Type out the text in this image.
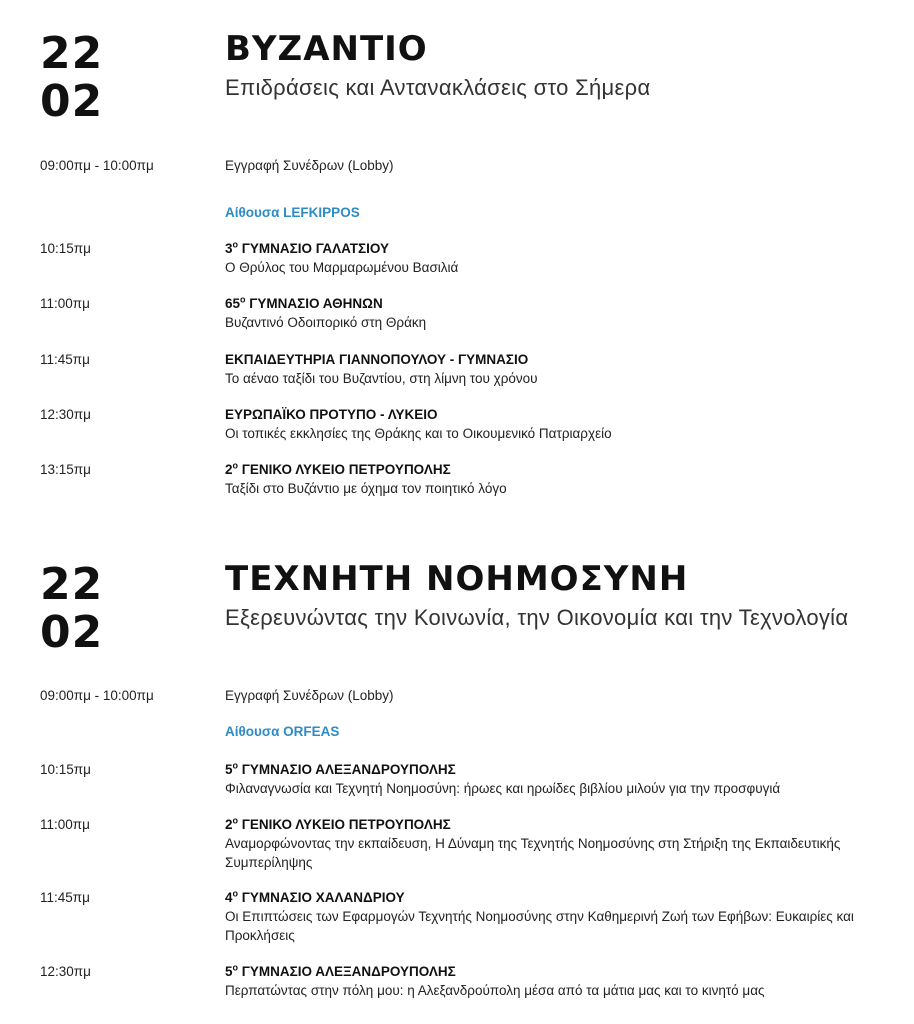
22
02
ΒΥΖΑΝΤΙΟ
Επιδράσεις και Αντανακλάσεις στο Σήμερα
09:00πμ - 10:00πμ	Εγγραφή Συνέδρων (Lobby)
Αίθουσα LEFKIPPOS
10:15πμ	$3^o$ ΓΥΜΝΑΣΙΟ ΓΑΛΑΤΣΙΟΥ
Ο Θρύλος του Μαρμαρωμένου Βασιλιά
11:00πμ	$65^o$ ΓΥΜΝΑΣΙΟ ΑΘΗΝΩΝ
Βυζαντινό Οδοιπορικό στη Θράκη
11:45πμ	ΕΚΠΑΙΔΕΥΤΗΡΙΑ ΓΙΑΝΝΟΠΟΥΛΟΥ - ΓΥΜΝΑΣΙΟ
Το αέναο ταξίδι του Βυζαντίου, στη λίμνη του χρόνου
12:30πμ	ΕΥΡΩΠΑΪΚΟ ΠΡΟΤΥΠΟ - ΛΥΚΕΙΟ
Οι τοπικές εκκλησίες της Θράκης και το Οικουμενικό Πατριαρχείο
13:15πμ	$2^o$ ΓΕΝΙΚΟ ΛΥΚΕΙΟ ΠΕΤΡΟΥΠΟΛΗΣ
Ταξίδι στο Βυζάντιο με όχημα τον ποιητικό λόγο
22
02
ΤΕΧΝΗΤΗ ΝΟΗΜΟΣΥΝΗ
Εξερευνώντας την Κοινωνία, την Οικονομία και την Τεχνολογία
09:00πμ - 10:00πμ	Εγγραφή Συνέδρων (Lobby)
Αίθουσα ORFEAS
10:15πμ	$5^o$ ΓΥΜΝΑΣΙΟ ΑΛΕΞΑΝΔΡΟΥΠΟΛΗΣ
Φιλαναγνωσία και Τεχνητή Νοημοσύνη: ήρωες και ηρωίδες βιβλίου μιλούν για την προσφυγιά
11:00πμ	$2^o$ ΓΕΝΙΚΟ ΛΥΚΕΙΟ ΠΕΤΡΟΥΠΟΛΗΣ
Αναμορφώνοντας την εκπαίδευση, Η Δύναμη της Τεχνητής Νοημοσύνης στη Στήριξη της Εκπαιδευτικής Συμπερίληψης
11:45πμ	$4^o$ ΓΥΜΝΑΣΙΟ ΧΑΛΑΝΔΡΙΟΥ
Οι Επιπτώσεις των Εφαρμογών Τεχνητής Νοημοσύνης στην Καθημερινή Ζωή των Εφήβων: Ευκαιρίες και Προκλήσεις
12:30πμ	$5^o$ ΓΥΜΝΑΣΙΟ ΑΛΕΞΑΝΔΡΟΥΠΟΛΗΣ
Περπατώντας στην πόλη μου: η Αλεξανδρούπολη μέσα από τα μάτια μας και το κινητό μας
